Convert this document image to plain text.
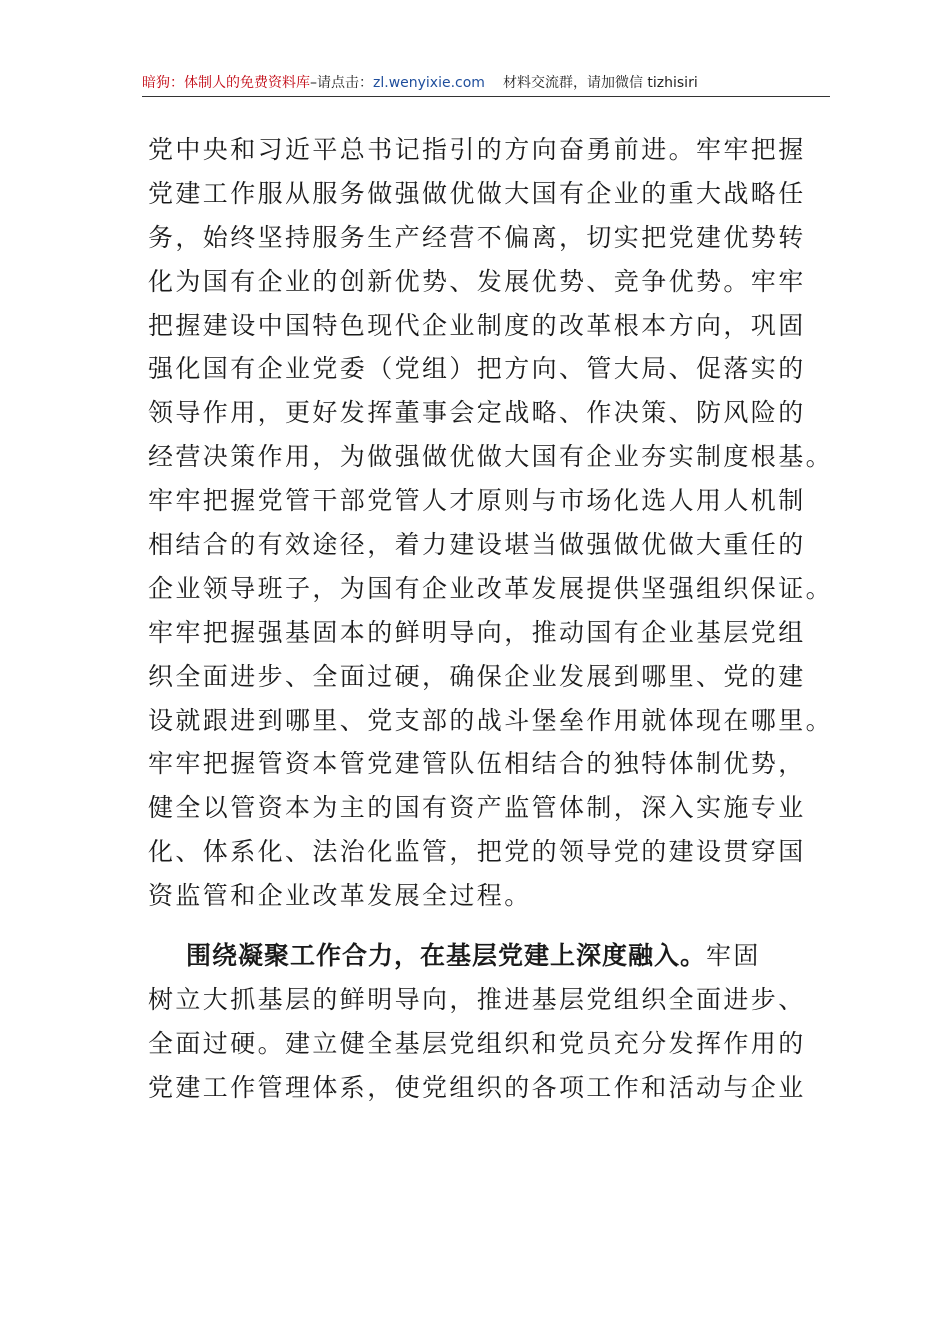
暗狗：体制人的免费资料库–请点击：zl.wenyixie.com 材料交流群，请加微信 tizhisiri
党中央和习近平总书记指引的方向奋勇前进。牢牢把握
党建工作服从服务做强做优做大国有企业的重大战略任
务，始终坚持服务生产经营不偏离，切实把党建优势转
化为国有企业的创新优势、发展优势、竞争优势。牢牢
把握建设中国特色现代企业制度的改革根本方向，巩固
强化国有企业党委（党组）把方向、管大局、促落实的
领导作用，更好发挥董事会定战略、作决策、防风险的
经营决策作用，为做强做优做大国有企业夯实制度根基。
牢牢把握党管干部党管人才原则与市场化选人用人机制
相结合的有效途径，着力建设堪当做强做优做大重任的
企业领导班子，为国有企业改革发展提供坚强组织保证。
牢牢把握强基固本的鲜明导向，推动国有企业基层党组
织全面进步、全面过硬，确保企业发展到哪里、党的建
设就跟进到哪里、党支部的战斗堡垒作用就体现在哪里。
牢牢把握管资本管党建管队伍相结合的独特体制优势，
健全以管资本为主的国有资产监管体制，深入实施专业
化、体系化、法治化监管，把党的领导党的建设贯穿国
资监管和企业改革发展全过程。
围绕凝聚工作合力，在基层党建上深度融入。牢固
树立大抓基层的鲜明导向，推进基层党组织全面进步、
全面过硬。建立健全基层党组织和党员充分发挥作用的
党建工作管理体系，使党组织的各项工作和活动与企业
